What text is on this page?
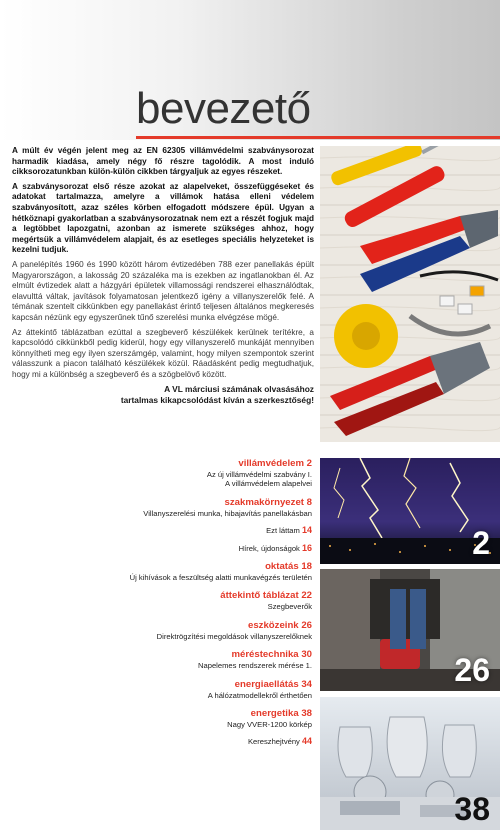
bevezető

A múlt év végén jelent meg az EN 62305 villámvédelmi szabványsorozat harmadik kiadása, amely négy fő részre tagolódik. A most induló cikksorozatunkban külön-külön cikkben tárgyaljuk az egyes részeket.

A szabványsorozat első része azokat az alapelveket, összefüggéseket és adatokat tartalmazza, amelyre a villámok hatása elleni védelem szabványosított, azaz széles körben elfogadott módszere épül. Ugyan a hétköznapi gyakorlatban a szabványsorozatnak nem ezt a részét fogjuk majd a legtöbbet lapozgatni, azonban az ismerete szükséges ahhoz, hogy megértsük a villámvédelem alapjait, és az esetleges speciális helyzeteket is kezelni tudjuk.

A panelépítés 1960 és 1990 között három évtizedében 788 ezer panellakás épült Magyarországon, a lakosság 20 százaléka ma is ezekben az ingatlanokban él. Az elmúlt évtizedek alatt a házgyári épületek villamossági rendszerei elhasználódtak, elavulttá váltak, javítások folyamatosan jelentkező igény a villanyszerelők felé. A témának szentelt cikkünkben egy panellakást érintő teljesen általános megkeresés kapcsán nézünk egy egyszerűnek tűnő szerelési munka elvégzése mögé.

Az áttekintő táblázatban ezúttal a szegbeverő készülékek kerülnek terítékre, a kapcsolódó cikkünkből pedig kiderül, hogy egy villanyszerelő munkáját mennyiben könnyítheti meg egy ilyen szerszámgép, valamint, hogy milyen szempontok szerint válasszunk a piacon található készülékek közül. Ráadásként pedig megtudhatjuk, hogy mi a különbség a szegbeverő és a szögbelövő között.

A VL márciusi számának olvasásához
tartalmas kikapcsolódást kíván a szerkesztőség!
villámvédelem 2
Az új villámvédelmi szabvány I.
A villámvédelem alapelvei
szakmakörnyezet 8
Villanyszerelési munka, hibajavítás panellakásban
Ezt láttam 14
Hírek, újdonságok 16
oktatás 18
Új kihívások a feszültség alatti munkavégzés területén
áttekintő táblázat 22
Szegbeverők
eszközeink 26
Direktrögzítési megoldások villanyszerelőknek
méréstechnika 30
Napelemes rendszerek mérése 1.
energiaellátás 34
A hálózatmodellekről érthetően
energetika 38
Nagy VVER-1200 körkép
Kereszhejtvény 44
2
26
38
